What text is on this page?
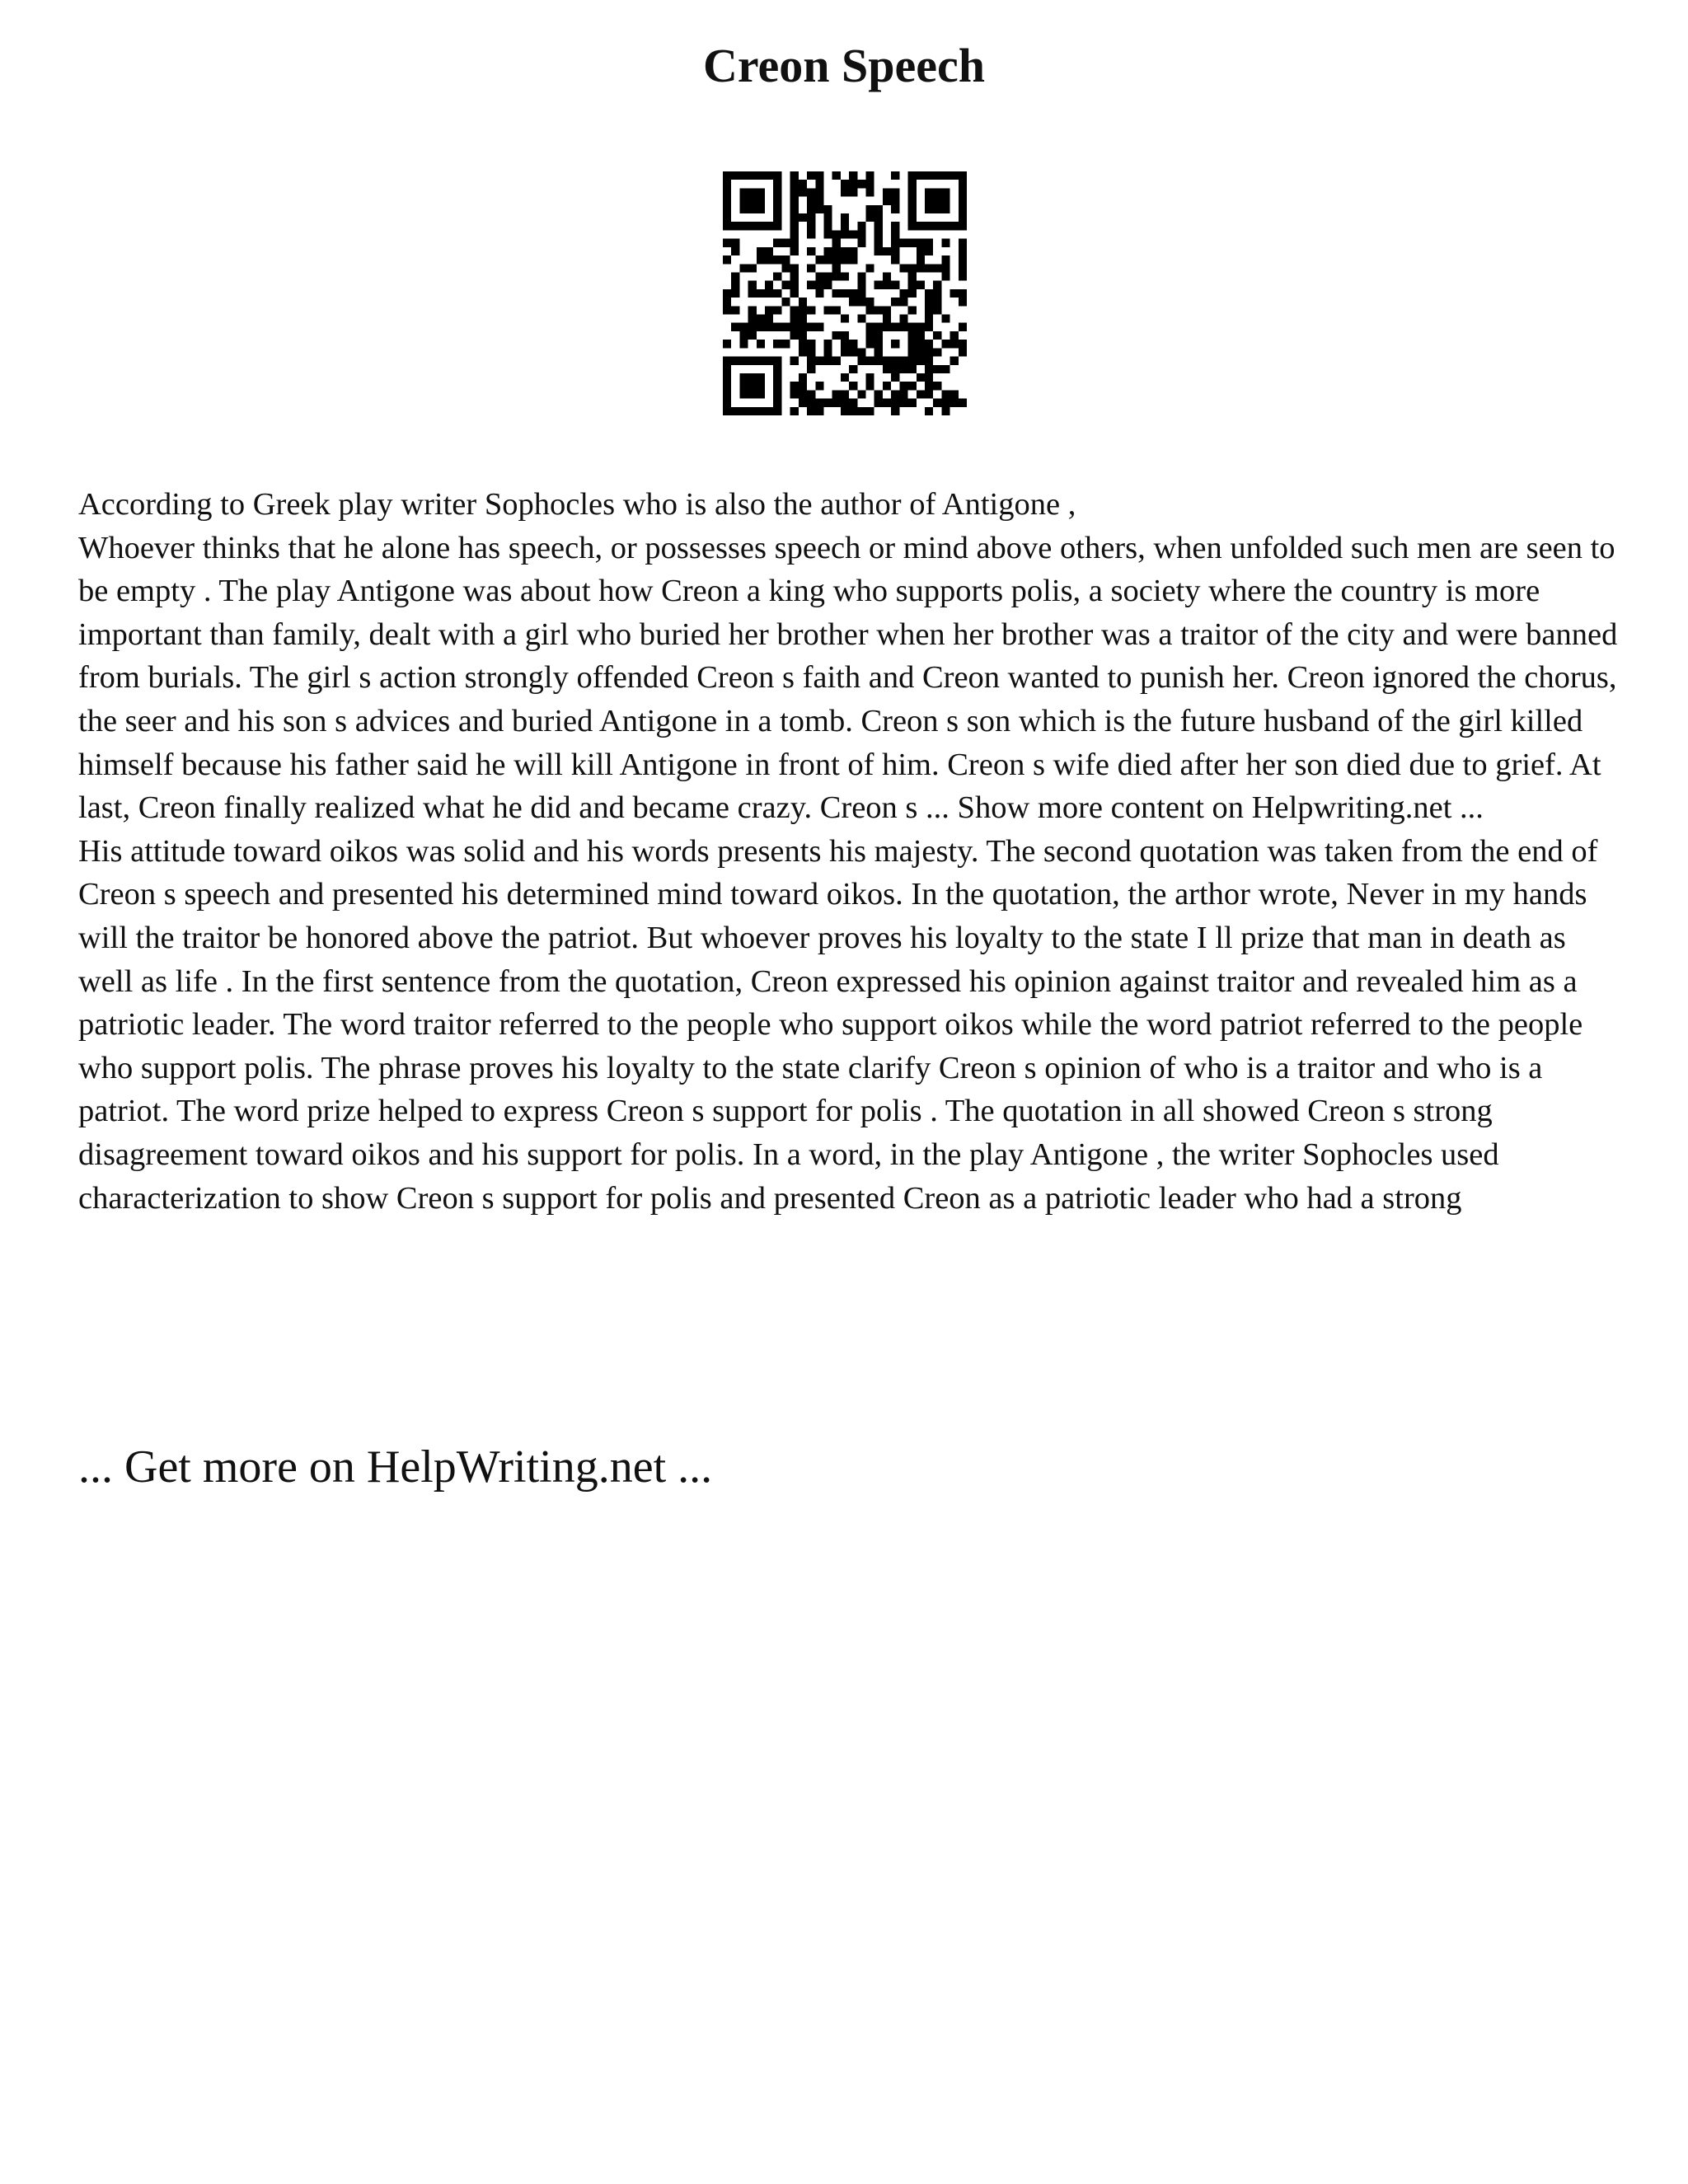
Creon Speech

According to Greek play writer Sophocles who is also the author of Antigone ,

Whoever thinks that he alone has speech, or possesses speech or mind above others, when unfolded such men are seen to be empty . The play Antigone was about how Creon a king who supports polis, a society where the country is more important than family, dealt with a girl who buried her brother when her brother was a traitor of the city and were banned from burials. The girl s action strongly offended Creon s faith and Creon wanted to punish her. Creon ignored the chorus, the seer and his son s advices and buried Antigone in a tomb. Creon s son which is the future husband of the girl killed himself because his father said he will kill Antigone in front of him. Creon s wife died after her son died due to grief. At last, Creon finally realized what he did and became crazy. Creon s ... Show more content on Helpwriting.net ...

His attitude toward oikos was solid and his words presents his majesty. The second quotation was taken from the end of Creon s speech and presented his determined mind toward oikos. In the quotation, the arthor wrote, Never in my hands will the traitor be honored above the patriot. But whoever proves his loyalty to the state I ll prize that man in death as well as life . In the first sentence from the quotation, Creon expressed his opinion against traitor and revealed him as a patriotic leader. The word traitor referred to the people who support oikos while the word patriot referred to the people who support polis. The phrase proves his loyalty to the state clarify Creon s opinion of who is a traitor and who is a patriot. The word prize helped to express Creon s support for polis . The quotation in all showed Creon s strong disagreement toward oikos and his support for polis. In a word, in the play Antigone , the writer Sophocles used characterization to show Creon s support for polis and presented Creon as a patriotic leader who had a strong

... Get more on HelpWriting.net ...
